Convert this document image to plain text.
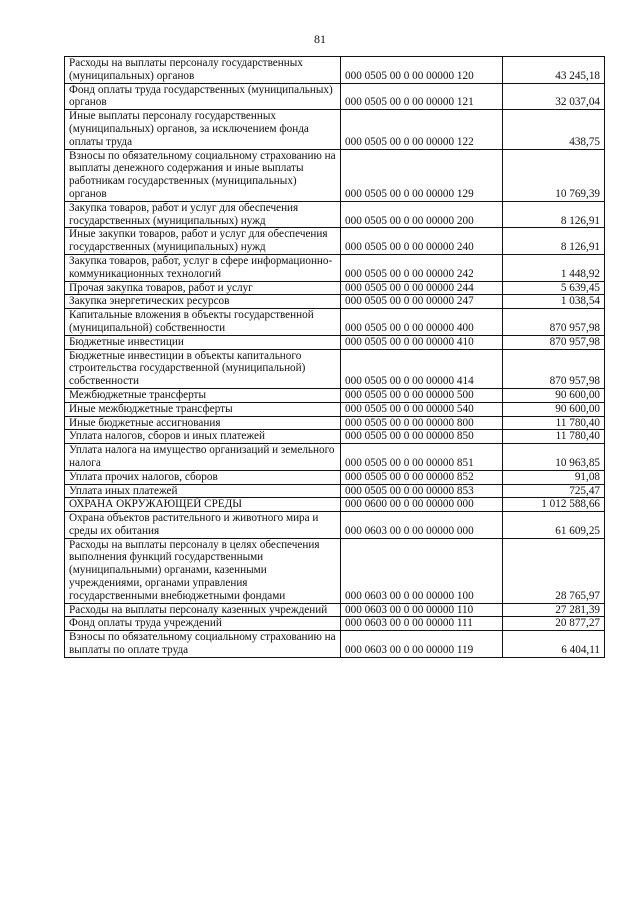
81
Расходы на выплаты персоналу государственных (муниципальных) органов	000 0505 00 0 00 00000 120	43 245,18
Фонд оплаты труда государственных (муниципальных) органов	000 0505 00 0 00 00000 121	32 037,04
Иные выплаты персоналу государственных (муниципальных) органов, за исключением фонда оплаты труда	000 0505 00 0 00 00000 122	438,75
Взносы по обязательному социальному страхованию на выплаты денежного содержания и иные выплаты работникам государственных (муниципальных) органов	000 0505 00 0 00 00000 129	10 769,39
Закупка товаров, работ и услуг для обеспечения государственных (муниципальных) нужд	000 0505 00 0 00 00000 200	8 126,91
Иные закупки товаров, работ и услуг для обеспечения государственных (муниципальных) нужд	000 0505 00 0 00 00000 240	8 126,91
Закупка товаров, работ, услуг в сфере информационно-коммуникационных технологий	000 0505 00 0 00 00000 242	1 448,92
Прочая закупка товаров, работ и услуг	000 0505 00 0 00 00000 244	5 639,45
Закупка энергетических ресурсов	000 0505 00 0 00 00000 247	1 038,54
Капитальные вложения в объекты государственной (муниципальной) собственности	000 0505 00 0 00 00000 400	870 957,98
Бюджетные инвестиции	000 0505 00 0 00 00000 410	870 957,98
Бюджетные инвестиции в объекты капитального строительства государственной (муниципальной) собственности	000 0505 00 0 00 00000 414	870 957,98
Межбюджетные трансферты	000 0505 00 0 00 00000 500	90 600,00
Иные межбюджетные трансферты	000 0505 00 0 00 00000 540	90 600,00
Иные бюджетные ассигнования	000 0505 00 0 00 00000 800	11 780,40
Уплата налогов, сборов и иных платежей	000 0505 00 0 00 00000 850	11 780,40
Уплата налога на имущество организаций и земельного налога	000 0505 00 0 00 00000 851	10 963,85
Уплата прочих налогов, сборов	000 0505 00 0 00 00000 852	91,08
Уплата иных платежей	000 0505 00 0 00 00000 853	725,47
ОХРАНА ОКРУЖАЮЩЕЙ СРЕДЫ	000 0600 00 0 00 00000 000	1 012 588,66
Охрана объектов растительного и животного мира и среды их обитания	000 0603 00 0 00 00000 000	61 609,25
Расходы на выплаты персоналу в целях обеспечения выполнения функций государственными (муниципальными) органами, казенными учреждениями, органами управления государственными внебюджетными фондами	000 0603 00 0 00 00000 100	28 765,97
Расходы на выплаты персоналу казенных учреждений	000 0603 00 0 00 00000 110	27 281,39
Фонд оплаты труда учреждений	000 0603 00 0 00 00000 111	20 877,27
Взносы по обязательному социальному страхованию на выплаты по оплате труда	000 0603 00 0 00 00000 119	6 404,11
